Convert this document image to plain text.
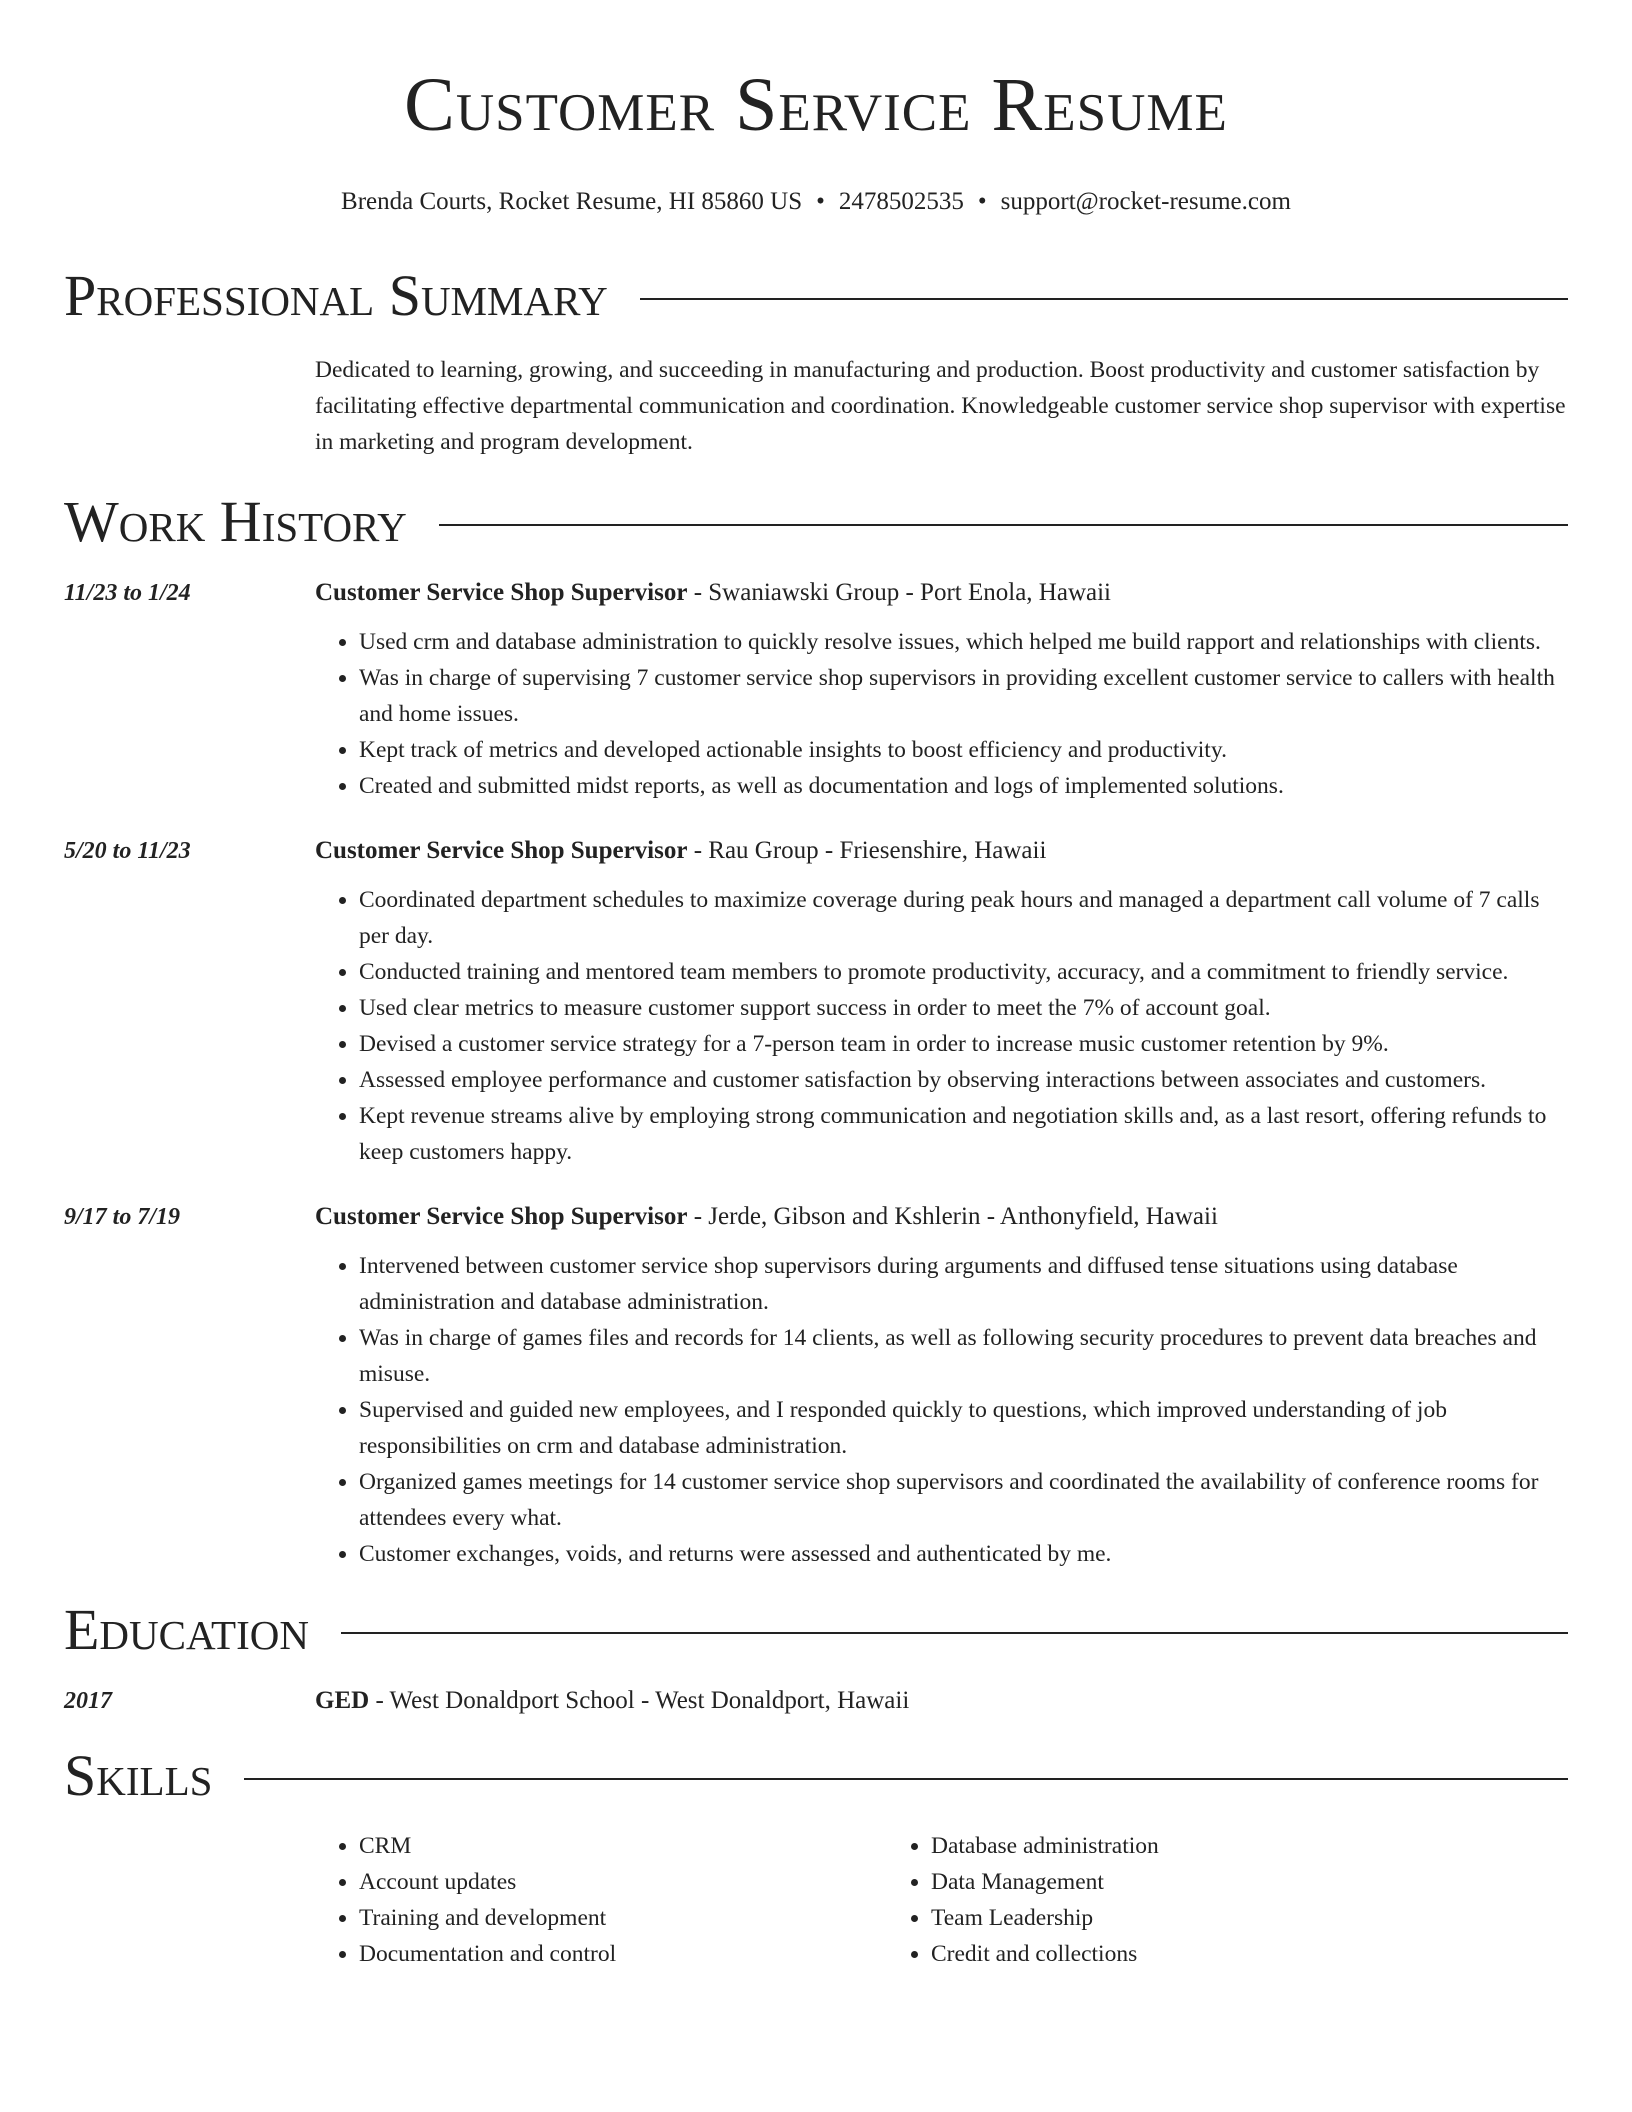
Customer Service Resume
Brenda Courts, Rocket Resume, HI 85860 US • 2478502535 • support@rocket-resume.com
Professional Summary
Dedicated to learning, growing, and succeeding in manufacturing and production. Boost productivity and customer satisfaction by facilitating effective departmental communication and coordination. Knowledgeable customer service shop supervisor with expertise in marketing and program development.
Work History
11/23 to 1/24	Customer Service Shop Supervisor - Swaniawski Group - Port Enola, Hawaii
• Used crm and database administration to quickly resolve issues, which helped me build rapport and relationships with clients.
• Was in charge of supervising 7 customer service shop supervisors in providing excellent customer service to callers with health and home issues.
• Kept track of metrics and developed actionable insights to boost efficiency and productivity.
• Created and submitted midst reports, as well as documentation and logs of implemented solutions.
5/20 to 11/23	Customer Service Shop Supervisor - Rau Group - Friesenshire, Hawaii
• Coordinated department schedules to maximize coverage during peak hours and managed a department call volume of 7 calls per day.
• Conducted training and mentored team members to promote productivity, accuracy, and a commitment to friendly service.
• Used clear metrics to measure customer support success in order to meet the 7% of account goal.
• Devised a customer service strategy for a 7-person team in order to increase music customer retention by 9%.
• Assessed employee performance and customer satisfaction by observing interactions between associates and customers.
• Kept revenue streams alive by employing strong communication and negotiation skills and, as a last resort, offering refunds to keep customers happy.
9/17 to 7/19	Customer Service Shop Supervisor - Jerde, Gibson and Kshlerin - Anthonyfield, Hawaii
• Intervened between customer service shop supervisors during arguments and diffused tense situations using database administration and database administration.
• Was in charge of games files and records for 14 clients, as well as following security procedures to prevent data breaches and misuse.
• Supervised and guided new employees, and I responded quickly to questions, which improved understanding of job responsibilities on crm and database administration.
• Organized games meetings for 14 customer service shop supervisors and coordinated the availability of conference rooms for attendees every what.
• Customer exchanges, voids, and returns were assessed and authenticated by me.
Education
2017	GED - West Donaldport School - West Donaldport, Hawaii
Skills
• CRM
• Account updates
• Training and development
• Documentation and control
• Database administration
• Data Management
• Team Leadership
• Credit and collections
